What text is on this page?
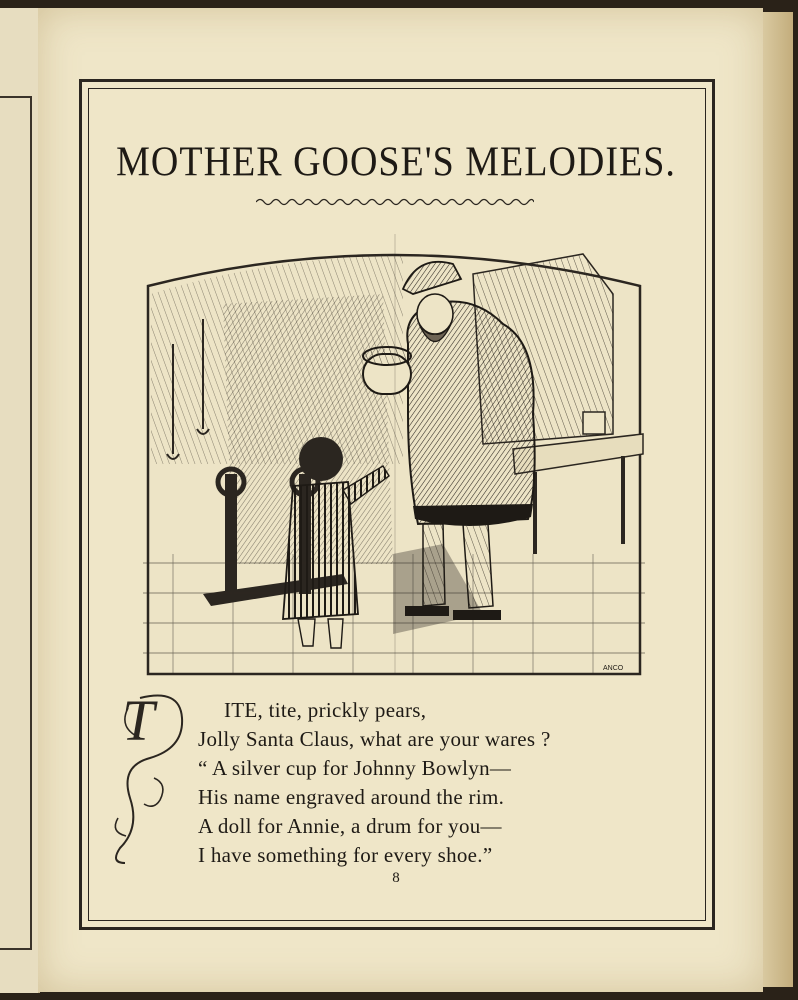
MOTHER GOOSE'S MELODIES.
ANCO
T	ITE, tite, prickly pears,
Jolly Santa Claus, what are your wares ?
“ A silver cup for Johnny Bowlyn—
His name engraved around the rim.
A doll for Annie, a drum for you—
I have something for every shoe.”
8
